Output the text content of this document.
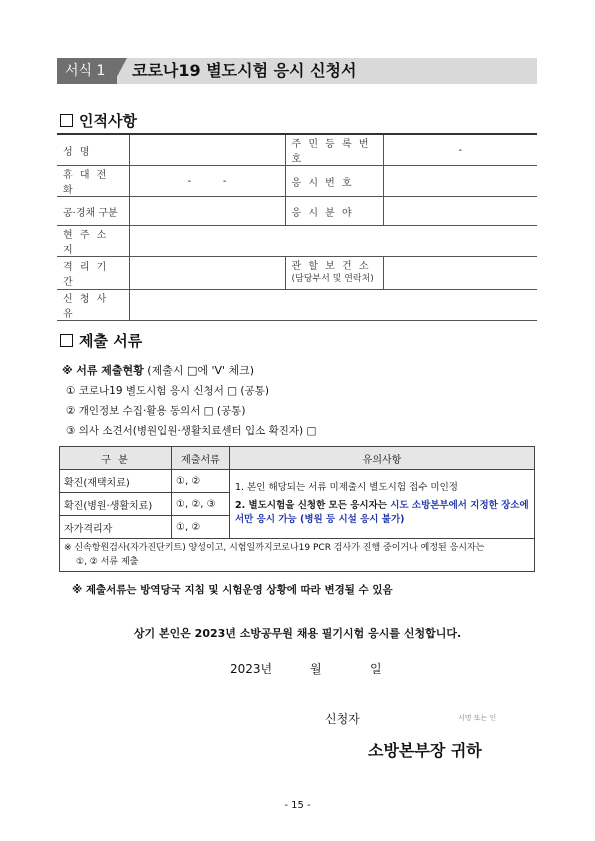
서식 1	코로나19 별도시험 응시 신청서
인적사항
성 명		주 민 등 록 번 호	-
휴 대 전 화	-          -	응 시 번 호	
공·경채 구분		응 시 분 야	
현 주 소 지			
격 리 기 간		관 할 보 건 소
(담당부서 및 연락처)	

신 청 사 유			
제출 서류
※ 서류 제출현황 (제출시 □에 'V' 체크)
① 코로나19 별도시험 응시 신청서 □ (공통)
② 개인정보 수집·활용 동의서 □ (공통)
③ 의사 소견서(병원입원·생활치료센터 입소 확진자) □
구 분	제출서류	유의사항
확진(재택치료)	①, ②	1. 본인 해당되는 서류 미제출시 별도시험 접수 미인정
2. 별도시험을 신청한 모든 응시자는 시도 소방본부에서 지정한 장소에서만 응시 가능 (병원 등 시설 응시 불가)

확진(병원·생활치료)	①, ②, ③	
자가격리자	①, ②	

※ 신속항원검사(자가진단키트) 양성이고, 시험일까지코로나19 PCR 검사가 진행 중이거나 예정된 응시자는
①, ② 서류 제출		
※ 제출서류는 방역당국 지침 및 시험운영 상황에 따라 변경될 수 있음
상기 본인은 2023년 소방공무원 채용 필기시험 응시를 신청합니다.
2023년	월	일
신청자	서명 또는 인
소방본부장 귀하
- 15 -
